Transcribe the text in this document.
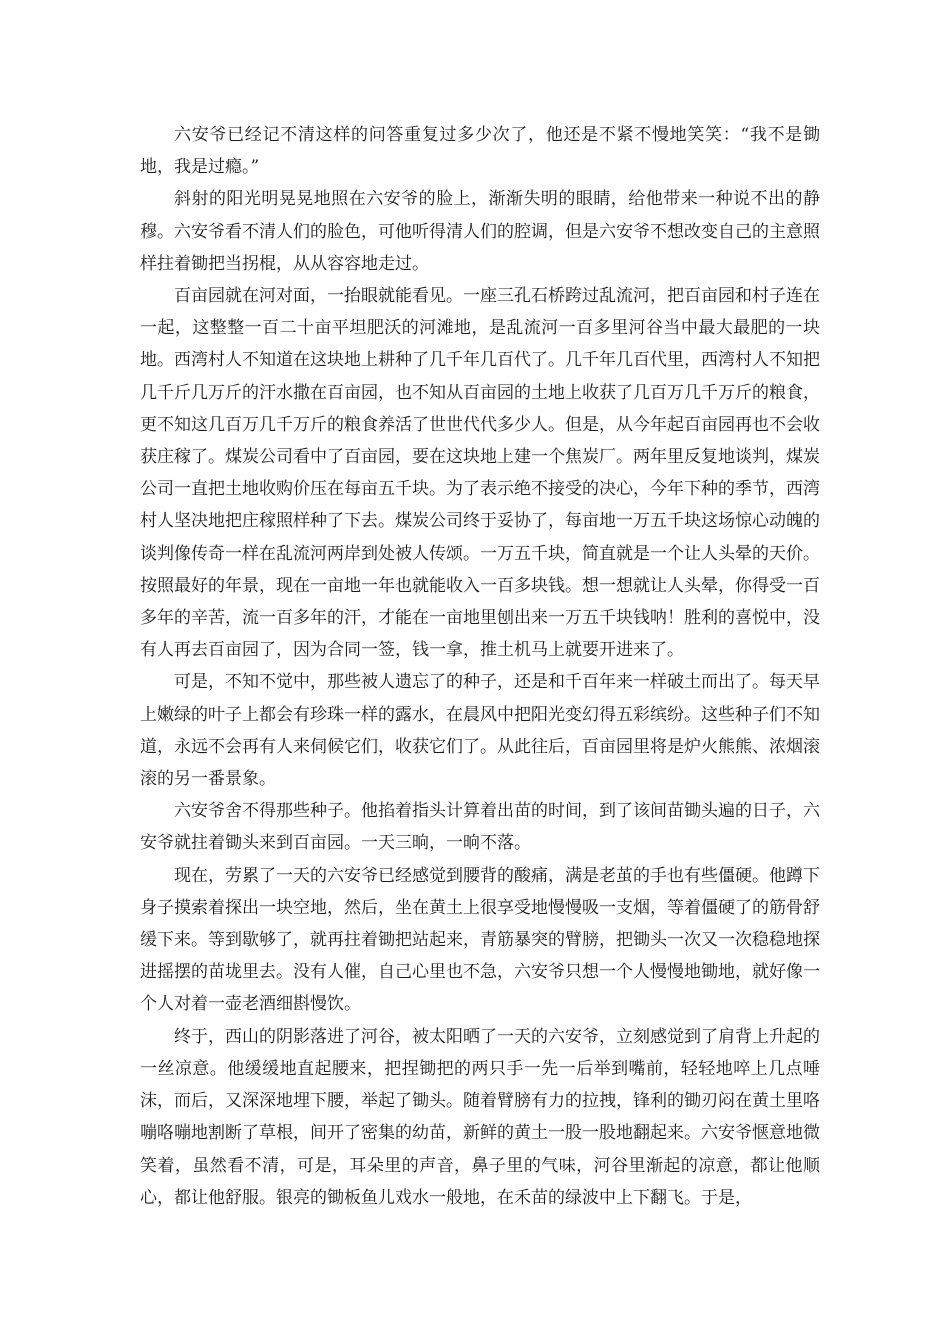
六安爷已经记不清这样的问答重复过多少次了，他还是不紧不慢地笑笑：“我不是锄地，我是过瘾。”

斜射的阳光明晃晃地照在六安爷的脸上，渐渐失明的眼睛，给他带来一种说不出的静穆。六安爷看不清人们的脸色，可他听得清人们的腔调，但是六安爷不想改变自己的主意照样拄着锄把当拐棍，从从容容地走过。

百亩园就在河对面，一抬眼就能看见。一座三孔石桥跨过乱流河，把百亩园和村子连在一起，这整整一百二十亩平坦肥沃的河滩地，是乱流河一百多里河谷当中最大最肥的一块地。西湾村人不知道在这块地上耕种了几千年几百代了。几千年几百代里，西湾村人不知把几千斤几万斤的汗水撒在百亩园，也不知从百亩园的土地上收获了几百万几千万斤的粮食，更不知这几百万几千万斤的粮食养活了世世代代多少人。但是，从今年起百亩园再也不会收获庄稼了。煤炭公司看中了百亩园，要在这块地上建一个焦炭厂。两年里反复地谈判，煤炭公司一直把土地收购价压在每亩五千块。为了表示绝不接受的决心，今年下种的季节，西湾村人坚决地把庄稼照样种了下去。煤炭公司终于妥协了，每亩地一万五千块这场惊心动魄的谈判像传奇一样在乱流河两岸到处被人传颂。一万五千块，简直就是一个让人头晕的天价。按照最好的年景，现在一亩地一年也就能收入一百多块钱。想一想就让人头晕，你得受一百多年的辛苦，流一百多年的汗，才能在一亩地里刨出来一万五千块钱呐！胜利的喜悦中，没有人再去百亩园了，因为合同一签，钱一拿，推土机马上就要开进来了。

可是，不知不觉中，那些被人遗忘了的种子，还是和千百年来一样破土而出了。每天早上嫩绿的叶子上都会有珍珠一样的露水，在晨风中把阳光变幻得五彩缤纷。这些种子们不知道，永远不会再有人来伺候它们，收获它们了。从此往后，百亩园里将是炉火熊熊、浓烟滚滚的另一番景象。

六安爷舍不得那些种子。他掐着指头计算着出苗的时间，到了该间苗锄头遍的日子，六安爷就拄着锄头来到百亩园。一天三晌，一晌不落。

现在，劳累了一天的六安爷已经感觉到腰背的酸痛，满是老茧的手也有些僵硬。他蹲下身子摸索着探出一块空地，然后，坐在黄土上很享受地慢慢吸一支烟，等着僵硬了的筋骨舒缓下来。等到歇够了，就再拄着锄把站起来，青筋暴突的臂膀，把锄头一次又一次稳稳地探进摇摆的苗垅里去。没有人催，自己心里也不急，六安爷只想一个人慢慢地锄地，就好像一个人对着一壶老酒细斟慢饮。

终于，西山的阴影落进了河谷，被太阳晒了一天的六安爷，立刻感觉到了肩背上升起的一丝凉意。他缓缓地直起腰来，把捏锄把的两只手一先一后举到嘴前，轻轻地啐上几点唾沫，而后，又深深地埋下腰，举起了锄头。随着臂膀有力的拉拽，锋利的锄刃闷在黄土里咯嘣咯嘣地割断了草根，间开了密集的幼苗，新鲜的黄土一股一股地翻起来。六安爷惬意地微笑着，虽然看不清，可是，耳朵里的声音，鼻子里的气味，河谷里渐起的凉意，都让他顺心，都让他舒服。银亮的锄板鱼儿戏水一般地，在禾苗的绿波中上下翻飞。于是，
